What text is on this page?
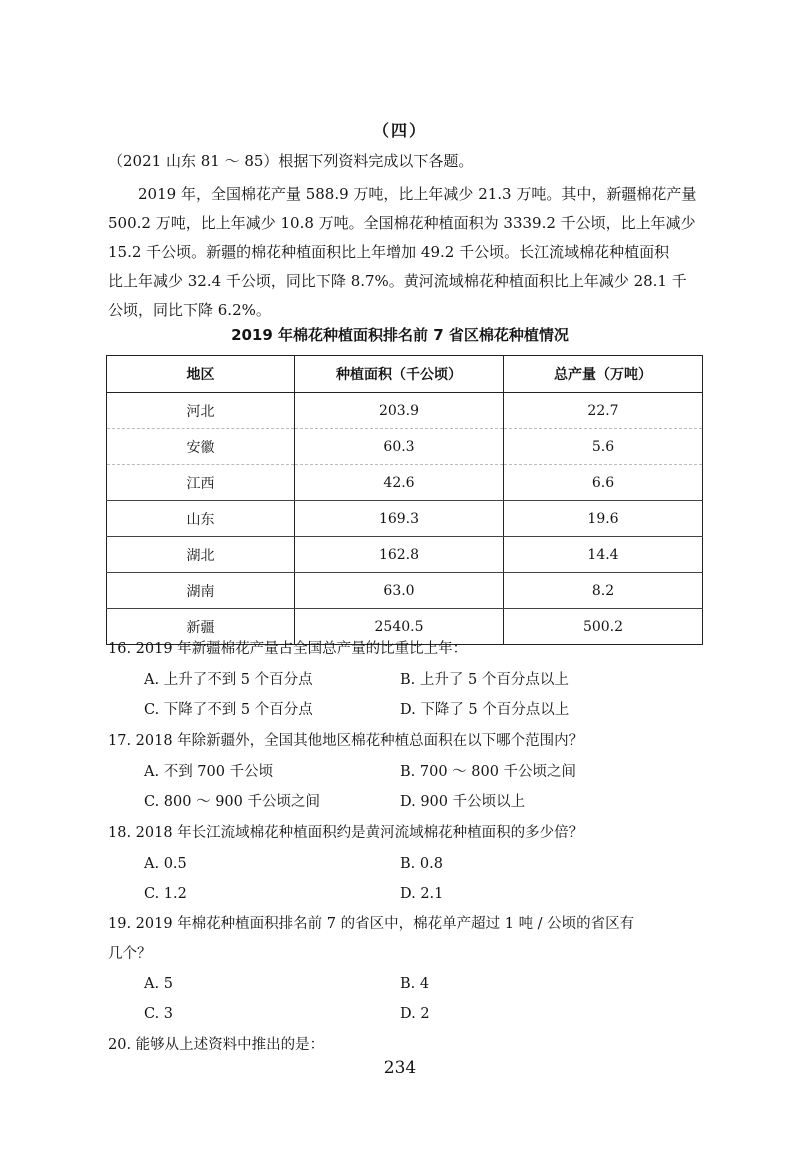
（四）
（2021 山东 81 ～ 85）根据下列资料完成以下各题。

2019 年，全国棉花产量 588.9 万吨，比上年减少 21.3 万吨。其中，新疆棉花产量

500.2 万吨，比上年减少 10.8 万吨。全国棉花种植面积为 3339.2 千公顷，比上年减少

15.2 千公顷。新疆的棉花种植面积比上年增加 49.2 千公顷。长江流域棉花种植面积

比上年减少 32.4 千公顷，同比下降 8.7%。黄河流域棉花种植面积比上年减少 28.1 千

公顷，同比下降 6.2%。

2019 年棉花种植面积排名前 7 省区棉花种植情况
地区	种植面积（千公顷）	总产量（万吨）
河北	203.9	22.7
安徽	60.3	5.6
江西	42.6	6.6
山东	169.3	19.6
湖北	162.8	14.4
湖南	63.0	8.2
新疆	2540.5	500.2
16. 2019 年新疆棉花产量占全国总产量的比重比上年：
A. 上升了不到 5 个百分点	B. 上升了 5 个百分点以上
C. 下降了不到 5 个百分点	D. 下降了 5 个百分点以上
17. 2018 年除新疆外，全国其他地区棉花种植总面积在以下哪个范围内？
A. 不到 700 千公顷	B. 700 ～ 800 千公顷之间
C. 800 ～ 900 千公顷之间	D. 900 千公顷以上
18. 2018 年长江流域棉花种植面积约是黄河流域棉花种植面积的多少倍？
A. 0.5	B. 0.8
C. 1.2	D. 2.1
19. 2019 年棉花种植面积排名前 7 的省区中，棉花单产超过 1 吨 / 公顷的省区有
几个？
A. 5	B. 4
C. 3	D. 2
20. 能够从上述资料中推出的是：
234
